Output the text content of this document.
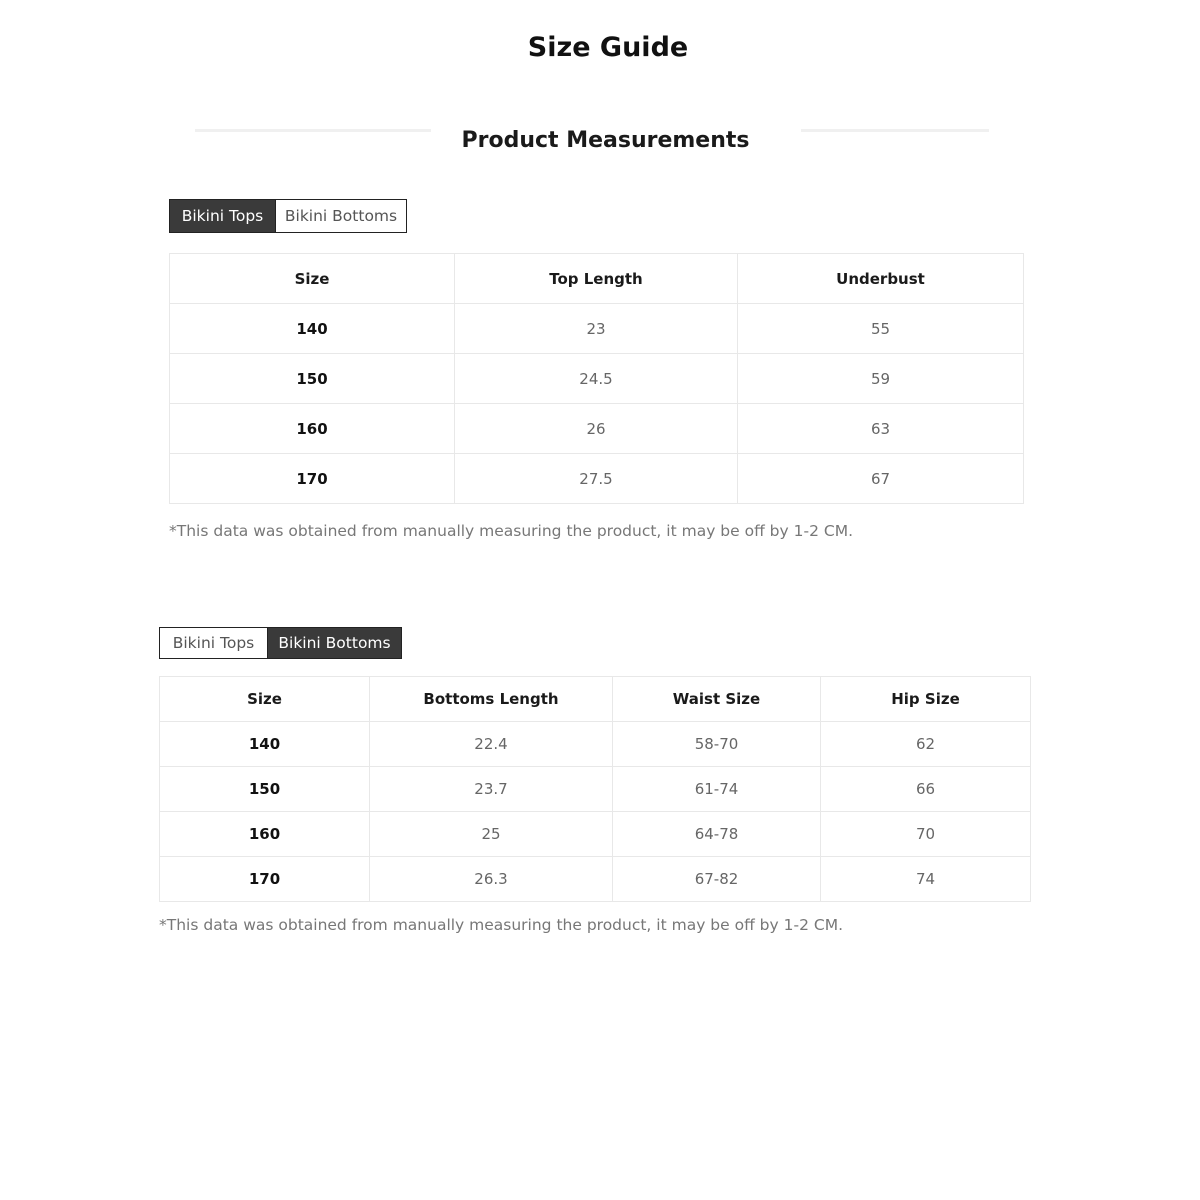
Size Guide
Product Measurements
Bikini Tops	Bikini Bottoms
Size	Top Length	Underbust
140	23	55
150	24.5	59
160	26	63
170	27.5	67

*This data was obtained from manually measuring the product, it may be off by 1-2 CM.

Bikini Tops	Bikini Bottoms
Size	Bottoms Length	Waist Size	Hip Size
140	22.4	58-70	62
150	23.7	61-74	66
160	25	64-78	70
170	26.3	67-82	74

*This data was obtained from manually measuring the product, it may be off by 1-2 CM.
